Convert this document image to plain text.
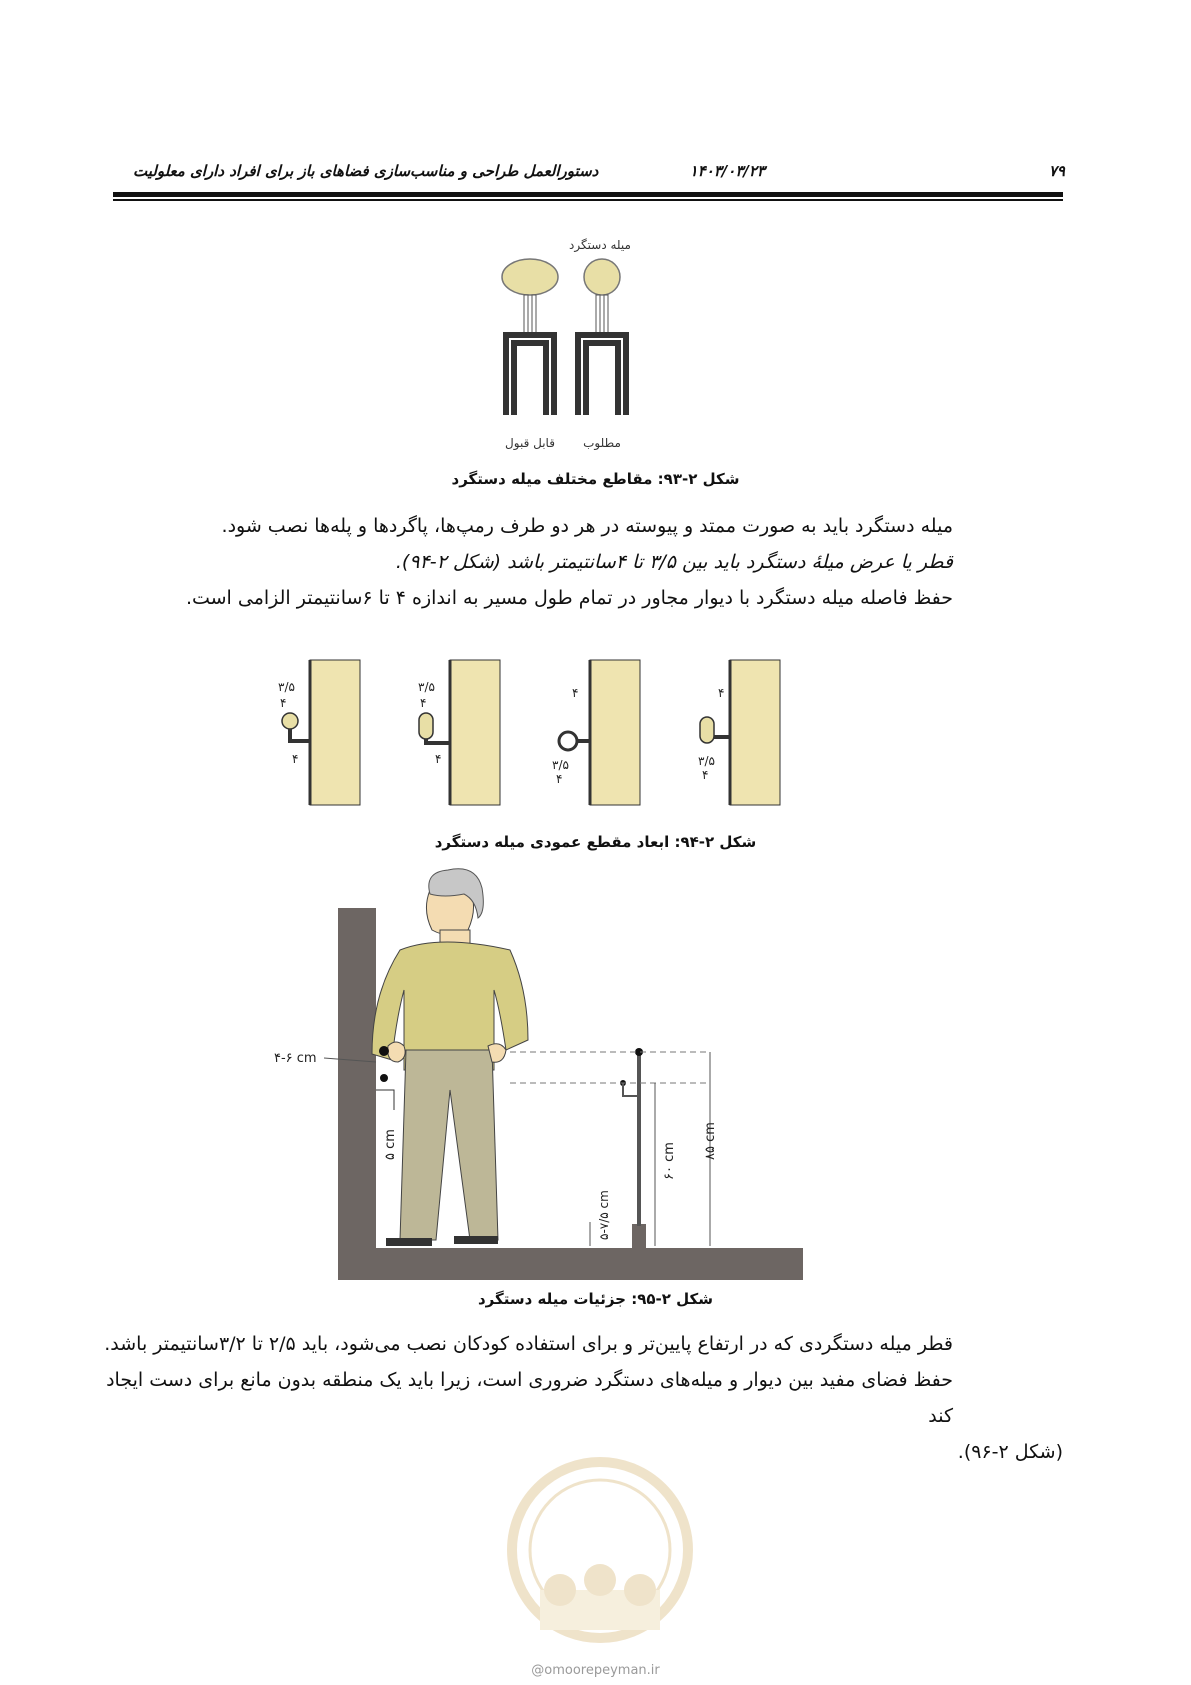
۷۹
۱۴۰۳/۰۳/۲۳
دستورالعمل طراحی و مناسب‌سازی فضاهای باز برای افراد دارای معلولیت
میله دستگرد
قابل قبول مطلوب
شکل ۲-۹۳: مقاطع مختلف میله دستگرد
میله دستگرد باید به صورت ممتد و پیوسته در هر دو طرف رمپ‌ها، پاگردها و پله‌ها نصب شود.
قطر یا عرض میلهٔ دستگرد باید بین ۳/۵ تا ۴سانتیمتر باشد (شکل ۲-۹۴).
حفظ فاصله میله دستگرد با دیوار مجاور در تمام طول مسیر به اندازه ۴ تا ۶سانتیمتر الزامی است.
۳/۵
۴
۴
۳/۵
۴
۴
۴
۳/۵
۴
۴
۳/۵
۴
شکل ۲-۹۴: ابعاد مقطع عمودی میله دستگرد
۴-۶ cm
۵ cm	۶۰ cm
۸۵ cm
۵-۷/۵ cm
شکل ۲-۹۵: جزئیات میله دستگرد
قطر میله دستگردی که در ارتفاع پایین‌تر و برای استفاده کودکان نصب می‌شود، باید ۲/۵ تا ۳/۲سانتیمتر باشد.
حفظ فضای مفید بین دیوار و میله‌های دستگرد ضروری است، زیرا باید یک منطقه بدون مانع برای دست ایجاد کند
(شکل ۲-۹۶).
@omoorepeyman.ir
